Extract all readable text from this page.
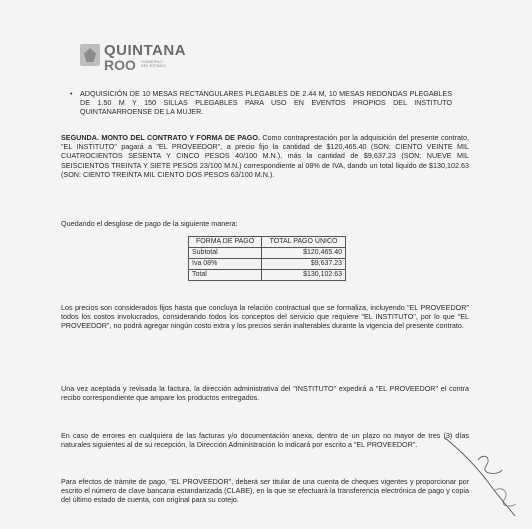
QUINTANA
ROO GOBIERNO DEL ESTADO
• ADQUISICIÓN DE 10 MESAS RECTANGULARES PLEGABLES DE 2.44 M, 10 MESAS REDONDAS PLEGABLES DE 1.50 M Y 150 SILLAS PLEGABLES PARA USO EN EVENTOS PROPIOS DEL INSTITUTO QUINTANARROENSE DE LA MUJER.
SEGUNDA. MONTO DEL CONTRATO Y FORMA DE PAGO. Como contraprestación por la adquisición del presente contrato, "EL INSTITUTO" pagará a "EL PROVEEDOR", a precio fijo la cantidad de $120,465.40 (SON: CIENTO VEINTE MIL CUATROCIENTOS SESENTA Y CINCO PESOS 40/100 M.N.), más la cantidad de $9,637.23 (SON: NUEVE MIL SEISCIENTOS TREINTA Y SIETE PESOS 23/100 M.N.) correspondiente al 08% de IVA, dando un total líquido de $130,102.63 (SON: CIENTO TREINTA MIL CIENTO DOS PESOS 63/100 M.N.).
Quedando el desglose de pago de la siguiente manera:
FORMA DE PAGO	TOTAL PAGO ÚNICO
Subtotal	$120,465.40
Iva 08%	$9,637.23
Total	$130,102.63
Los precios son considerados fijos hasta que concluya la relación contractual que se formaliza, incluyendo "EL PROVEEDOR" todos los costos involucrados, considerando todos los conceptos del servicio que requiere "EL INSTITUTO", por lo que "EL PROVEEDOR", no podrá agregar ningún costo extra y los precios serán inalterables durante la vigencia del presente contrato.
Una vez aceptada y revisada la factura, la dirección administrativa del "INSTITUTO" expedirá a "EL PROVEEDOR" el contra recibo correspondiente que ampare los productos entregados.
En caso de errores en cualquiera de las facturas y/o documentación anexa, dentro de un plazo no mayor de tres (3) días naturales siguientes al de su recepción, la Dirección Administración lo indicará por escrito a "EL PROVEEDOR".
Para efectos de trámite de pago, "EL PROVEEDOR", deberá ser titular de una cuenta de cheques vigentes y proporcionar por escrito el número de clave bancaria estandarizada (CLABE), en la que se efectuará la transferencia electrónica de pago y copia del último estado de cuenta, con original para su cotejo.
